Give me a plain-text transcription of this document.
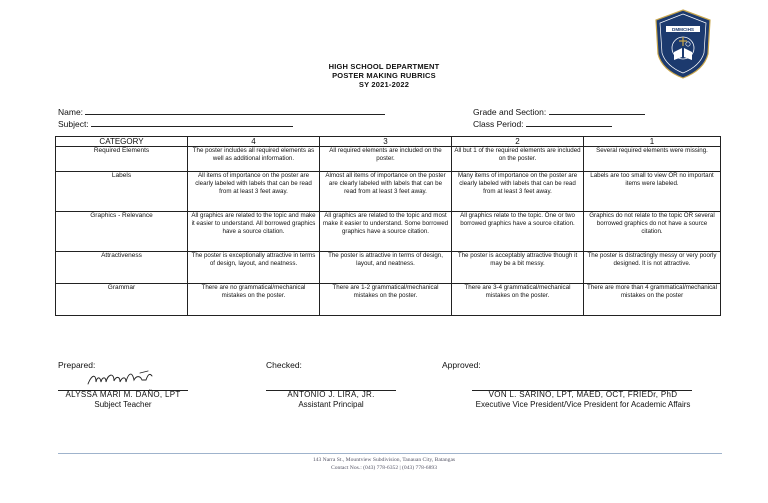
DMMCIHS
HIGH SCHOOL DEPARTMENT
POSTER MAKING RUBRICS
SY 2021-2022
Name:
Subject:
Grade and Section:
Class Period:
CATEGORY	4	3	2	1
Required Elements	The poster includes all required elements as well as additional information.	All required elements are included on the poster.	All but 1 of the required elements are included on the poster.	Several required elements were missing.
Labels	All items of importance on the poster are clearly labeled with labels that can be read from at least 3 feet away.	Almost all items of importance on the poster are clearly labeled with labels that can be read from at least 3 feet away.	Many items of importance on the poster are clearly labeled with labels that can be read from at least 3 feet away.	Labels are too small to view OR no important items were labeled.
Graphics - Relevance	All graphics are related to the topic and make it easier to understand. All borrowed graphics have a source citation.	All graphics are related to the topic and most make it easier to understand. Some borrowed graphics have a source citation.	All graphics relate to the topic. One or two borrowed graphics have a source citation.	Graphics do not relate to the topic OR several borrowed graphics do not have a source citation.
Attractiveness	The poster is exceptionally attractive in terms of design, layout, and neatness.	The poster is attractive in terms of design, layout, and neatness.	The poster is acceptably attractive though it may be a bit messy.	The poster is distractingly messy or very poorly designed. It is not attractive.
Grammar	There are no grammatical/mechanical mistakes on the poster.	There are 1-2 grammatical/mechanical mistakes on the poster.	There are 3-4 grammatical/mechanical mistakes on the poster.	There are more than 4 grammatical/mechanical mistakes on the poster
Prepared:
ALYSSA MARI M. DAÑO, LPT
Subject Teacher
Checked:
ANTONIO J. LIRA, JR.
Assistant Principal
Approved:
VON L. SARINO, LPT, MAED, OCT, FRIEDr, PhD
Executive Vice President/Vice President for Academic Affairs
143 Narra St., Mountview Subdivision, Tanauan City, Batangas
Contact Nos.: (043) 778-6352 | (043) 778-6893
